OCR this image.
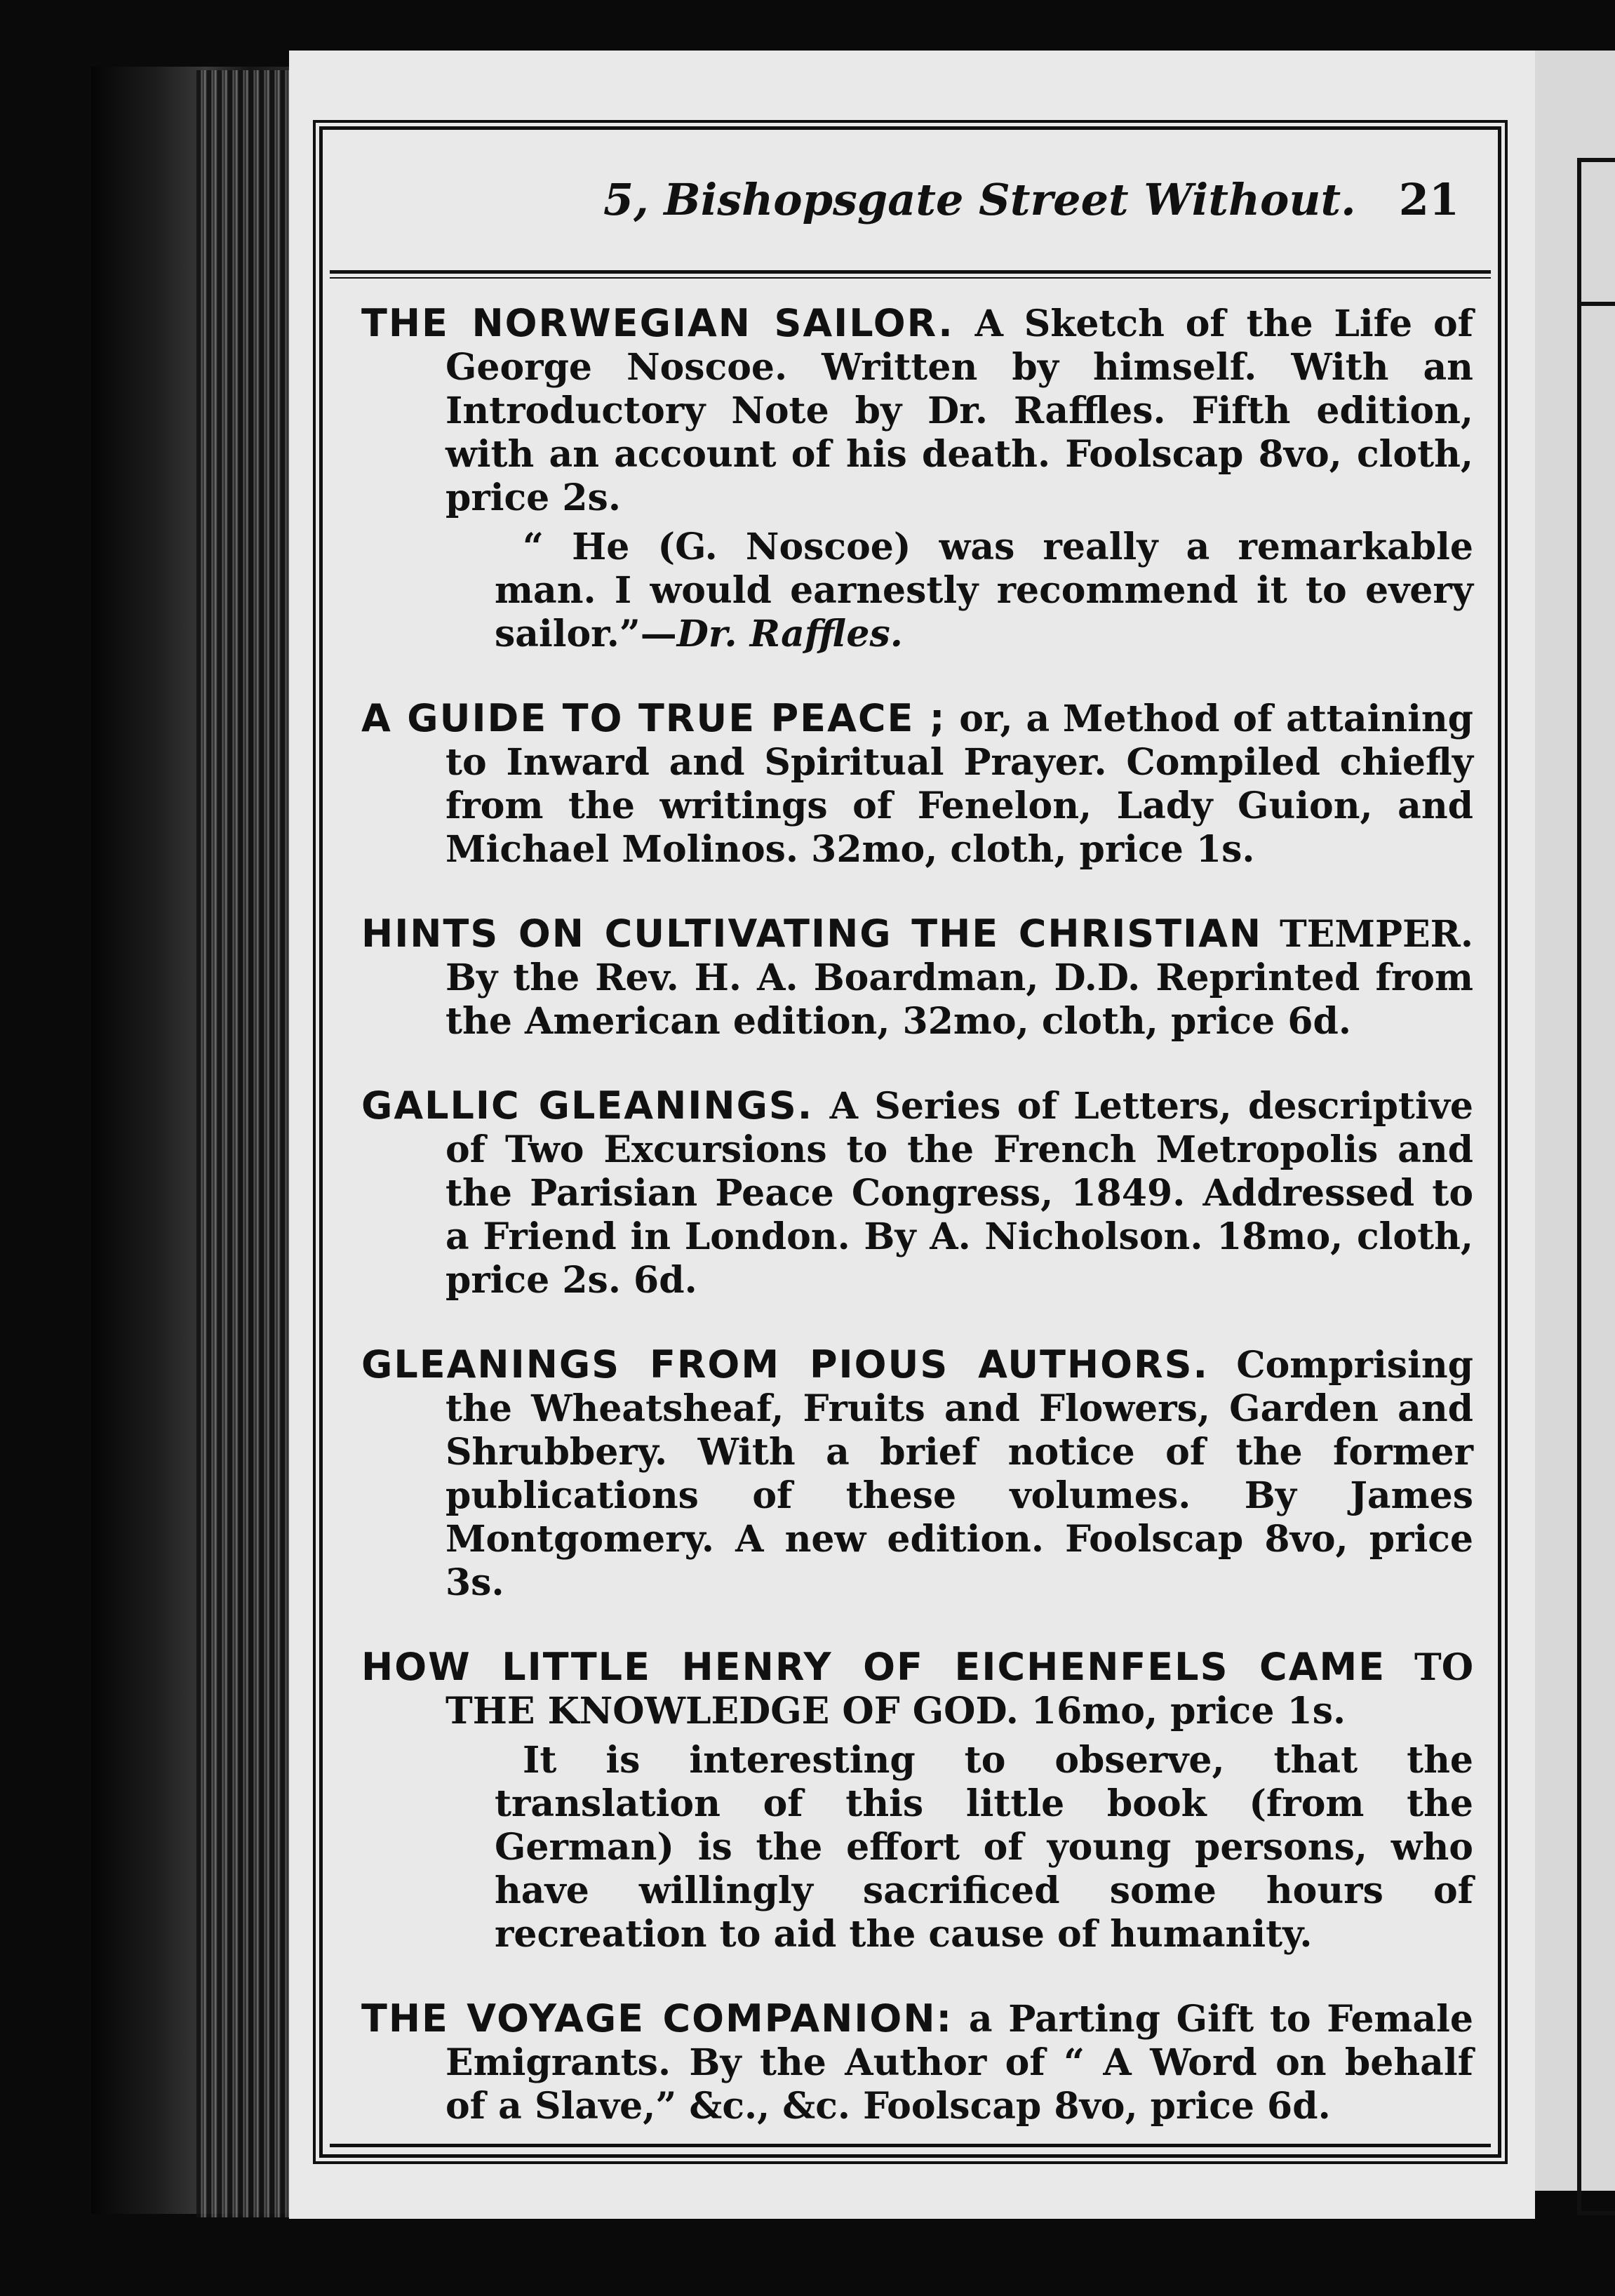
5, Bishopsgate Street Without. 21

THE NORWEGIAN SAILOR. A Sketch of the Life of George Noscoe. Written by himself. With an Introductory Note by Dr. Raffles. Fifth edition, with an account of his death. Foolscap 8vo, cloth, price 2s.

“ He (G. Noscoe) was really a remarkable man. I would earnestly recommend it to every sailor.”—Dr. Raffles.

A GUIDE TO TRUE PEACE ; or, a Method of attaining to Inward and Spiritual Prayer. Compiled chiefly from the writings of Fenelon, Lady Guion, and Michael Molinos. 32mo, cloth, price 1s.

HINTS ON CULTIVATING THE CHRISTIAN TEMPER. By the Rev. H. A. Boardman, D.D. Reprinted from the American edition, 32mo, cloth, price 6d.

GALLIC GLEANINGS. A Series of Letters, descriptive of Two Excursions to the French Metropolis and the Parisian Peace Congress, 1849. Addressed to a Friend in London. By A. Nicholson. 18mo, cloth, price 2s. 6d.

GLEANINGS FROM PIOUS AUTHORS. Comprising the Wheatsheaf, Fruits and Flowers, Garden and Shrubbery. With a brief notice of the former publications of these volumes. By James Montgomery. A new edition. Foolscap 8vo, price 3s.

HOW LITTLE HENRY OF EICHENFELS CAME TO THE KNOWLEDGE OF GOD. 16mo, price 1s.

It is interesting to observe, that the translation of this little book (from the German) is the effort of young persons, who have willingly sacrificed some hours of recreation to aid the cause of humanity.

THE VOYAGE COMPANION: a Parting Gift to Female Emigrants. By the Author of “ A Word on behalf of a Slave,” &c., &c. Foolscap 8vo, price 6d.
